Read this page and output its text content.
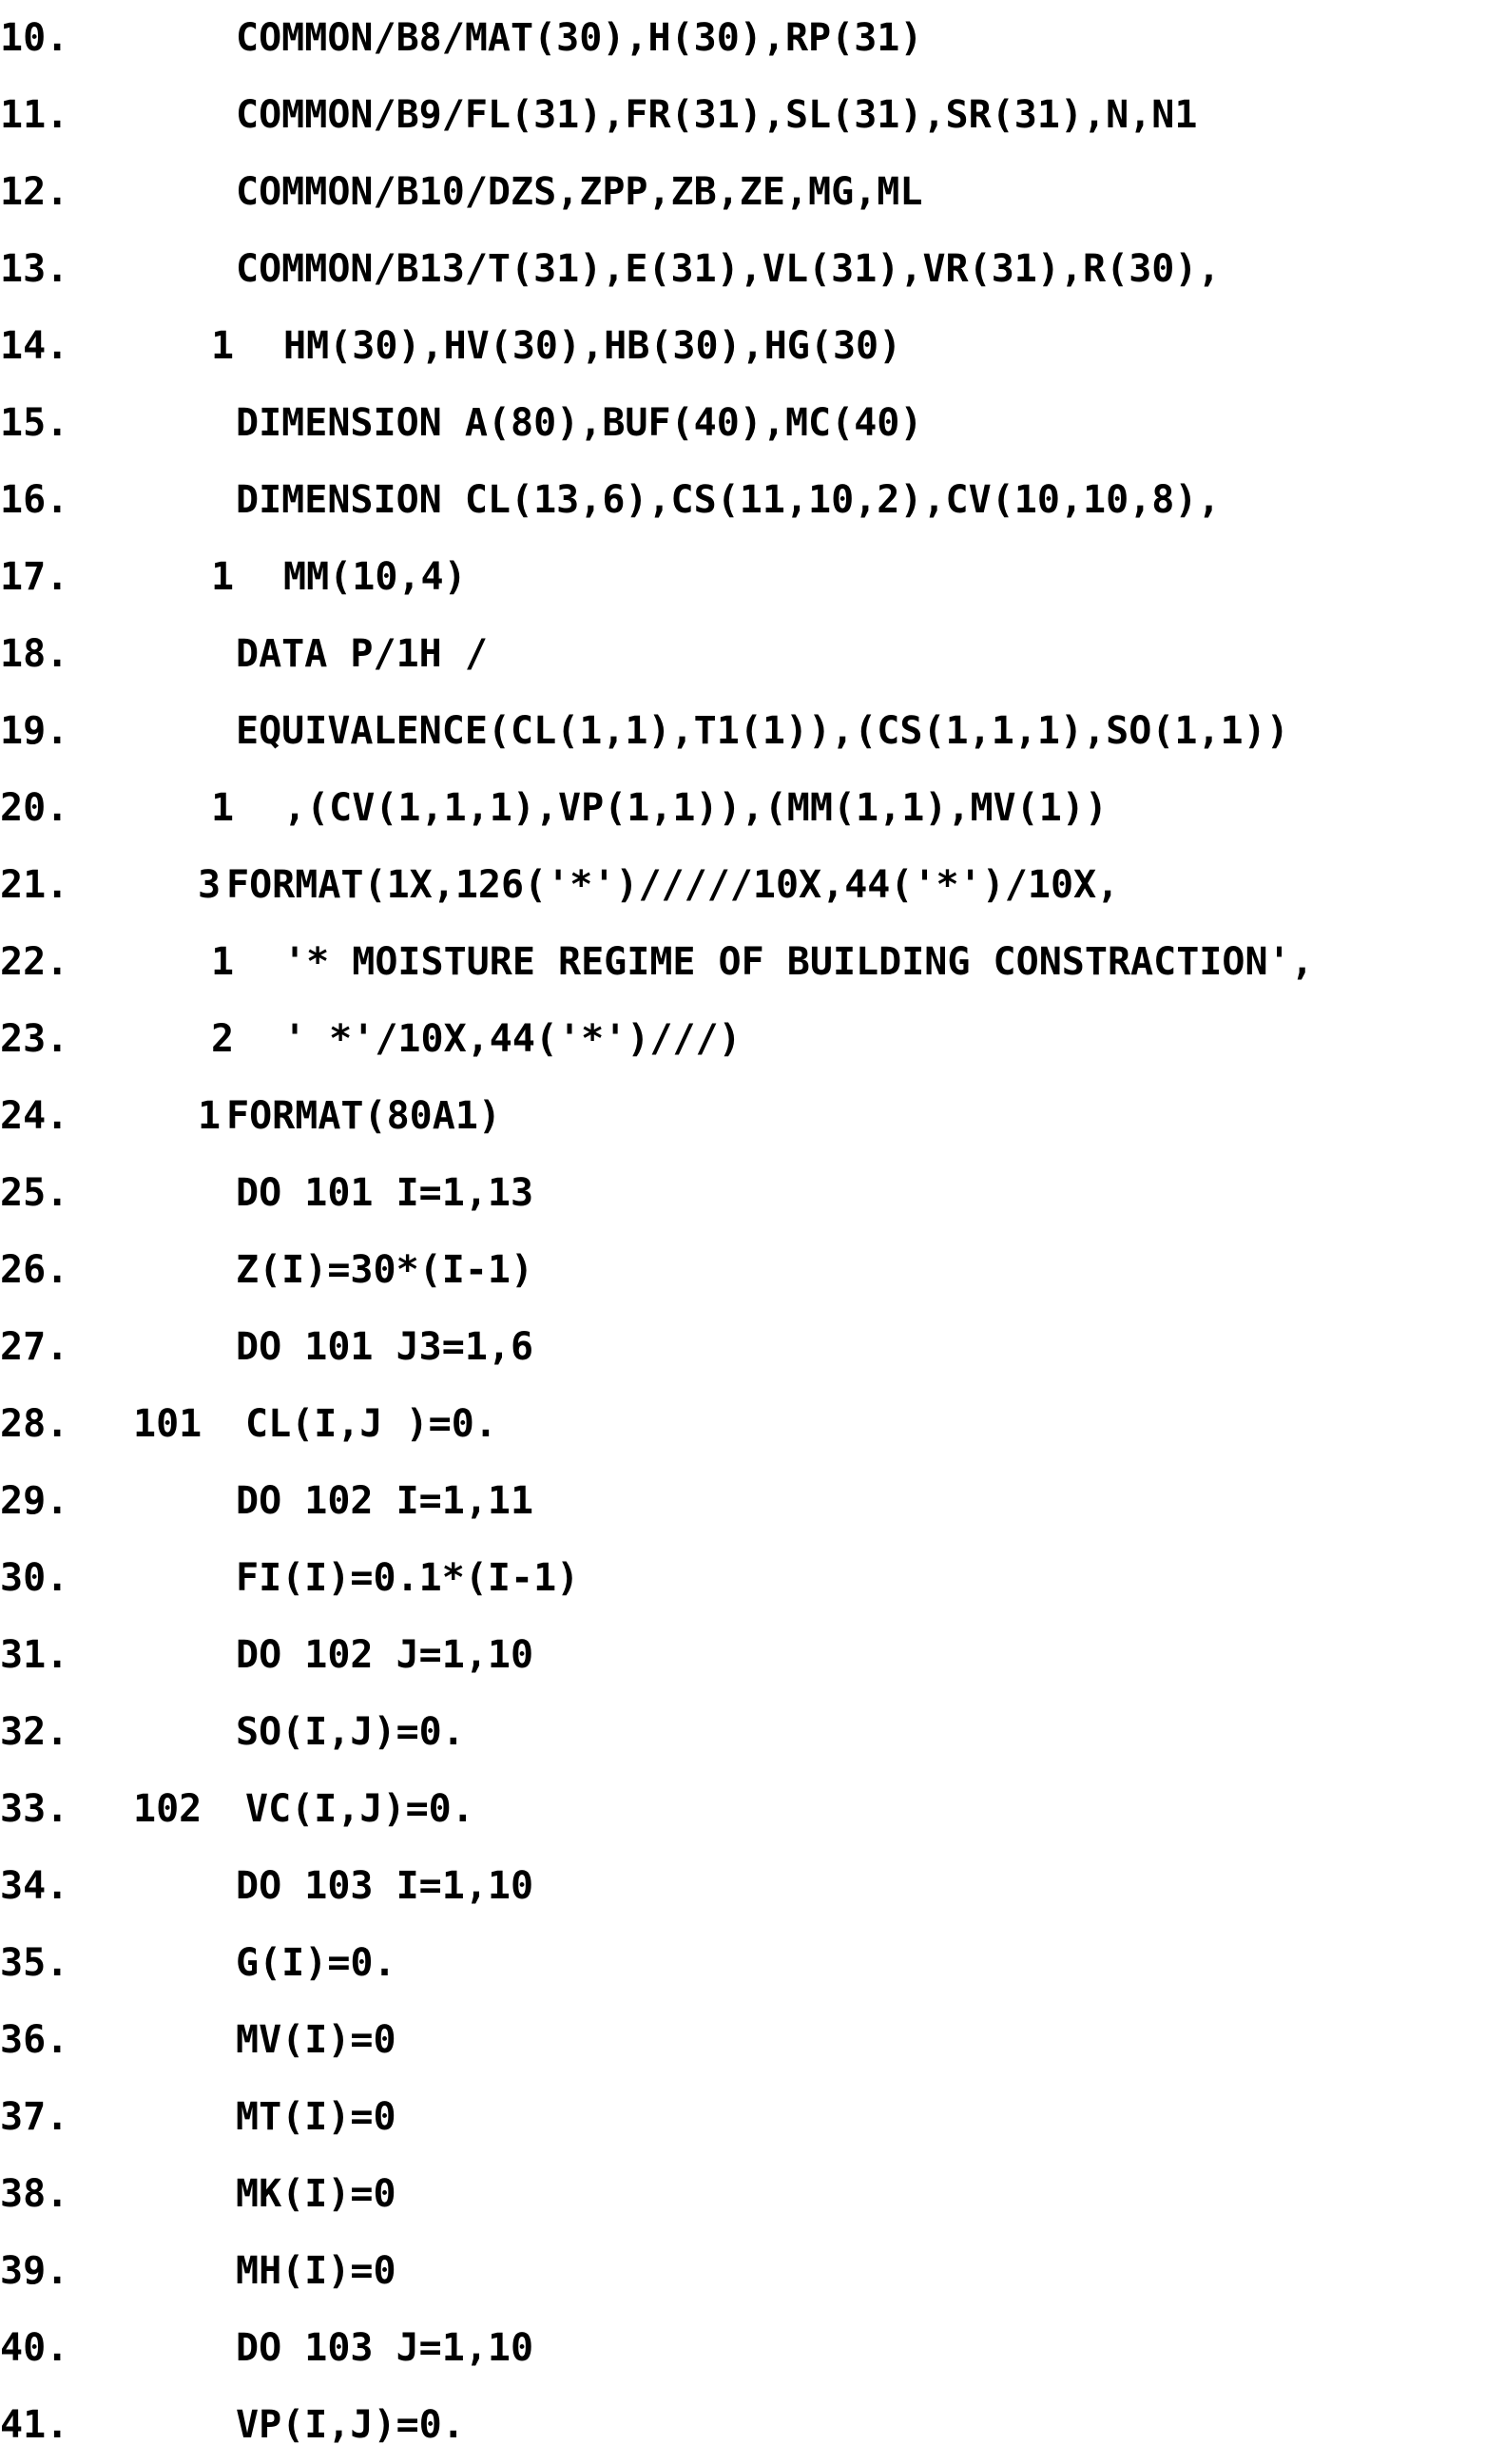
10.	COMMON/B8/MAT(30),H(30),RP(31)
11.	COMMON/B9/FL(31),FR(31),SL(31),SR(31),N,N1
12.	COMMON/B10/DZS,ZPP,ZB,ZE,MG,ML
13.	COMMON/B13/T(31),E(31),VL(31),VR(31),R(30),
14.	1 HM(30),HV(30),HB(30),HG(30)
15.	DIMENSION A(80),BUF(40),MC(40)
16.	DIMENSION CL(13,6),CS(11,10,2),CV(10,10,8),
17.	1 MM(10,4)
18.	DATA P/1H /
19.	EQUIVALENCE(CL(1,1),T1(1)),(CS(1,1,1),SO(1,1))
20.	1 ,(CV(1,1,1),VP(1,1)),(MM(1,1),MV(1))
21.	3 FORMAT(1X,126('*')/////10X,44('*')/10X,
22.	1 '* MOISTURE REGIME OF BUILDING CONSTRACTION',
23.	2 ' *'/10X,44('*')///)
24.	1 FORMAT(80A1)
25.	DO 101 I=1,13
26.	Z(I)=30*(I-1)
27.	DO 101 J3=1,6
28.	101 CL(I,J )=0.
29.	DO 102 I=1,11
30.	FI(I)=0.1*(I-1)
31.	DO 102 J=1,10
32.	SO(I,J)=0.
33.	102 VC(I,J)=0.
34.	DO 103 I=1,10
35.	G(I)=0.
36.	MV(I)=0
37.	MT(I)=0
38.	MK(I)=0
39.	MH(I)=0
40.	DO 103 J=1,10
41.	VP(I,J)=0.
